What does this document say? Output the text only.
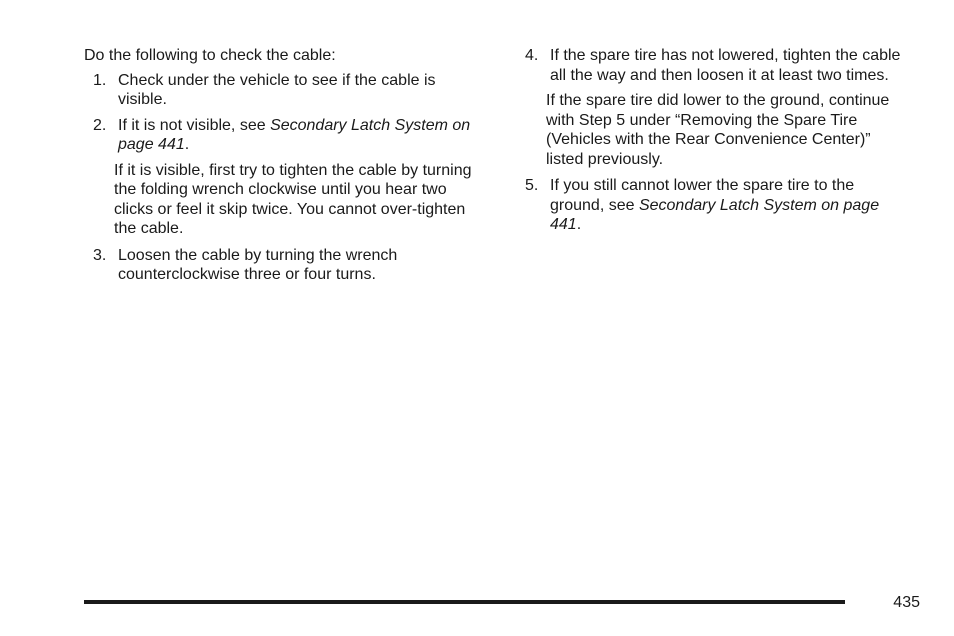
Do the following to check the cable:

1. Check under the vehicle to see if the cable is visible.
2. If it is not visible, see Secondary Latch System on page 441.

If it is visible, first try to tighten the cable by turning the folding wrench clockwise until you hear two clicks or feel it skip twice. You cannot over-tighten the cable.

3. Loosen the cable by turning the wrench counterclockwise three or four turns.
4. If the spare tire has not lowered, tighten the cable all the way and then loosen it at least two times.

If the spare tire did lower to the ground, continue with Step 5 under “Removing the Spare Tire (Vehicles with the Rear Convenience Center)” listed previously.

5. If you still cannot lower the spare tire to the ground, see Secondary Latch System on page 441.
435
